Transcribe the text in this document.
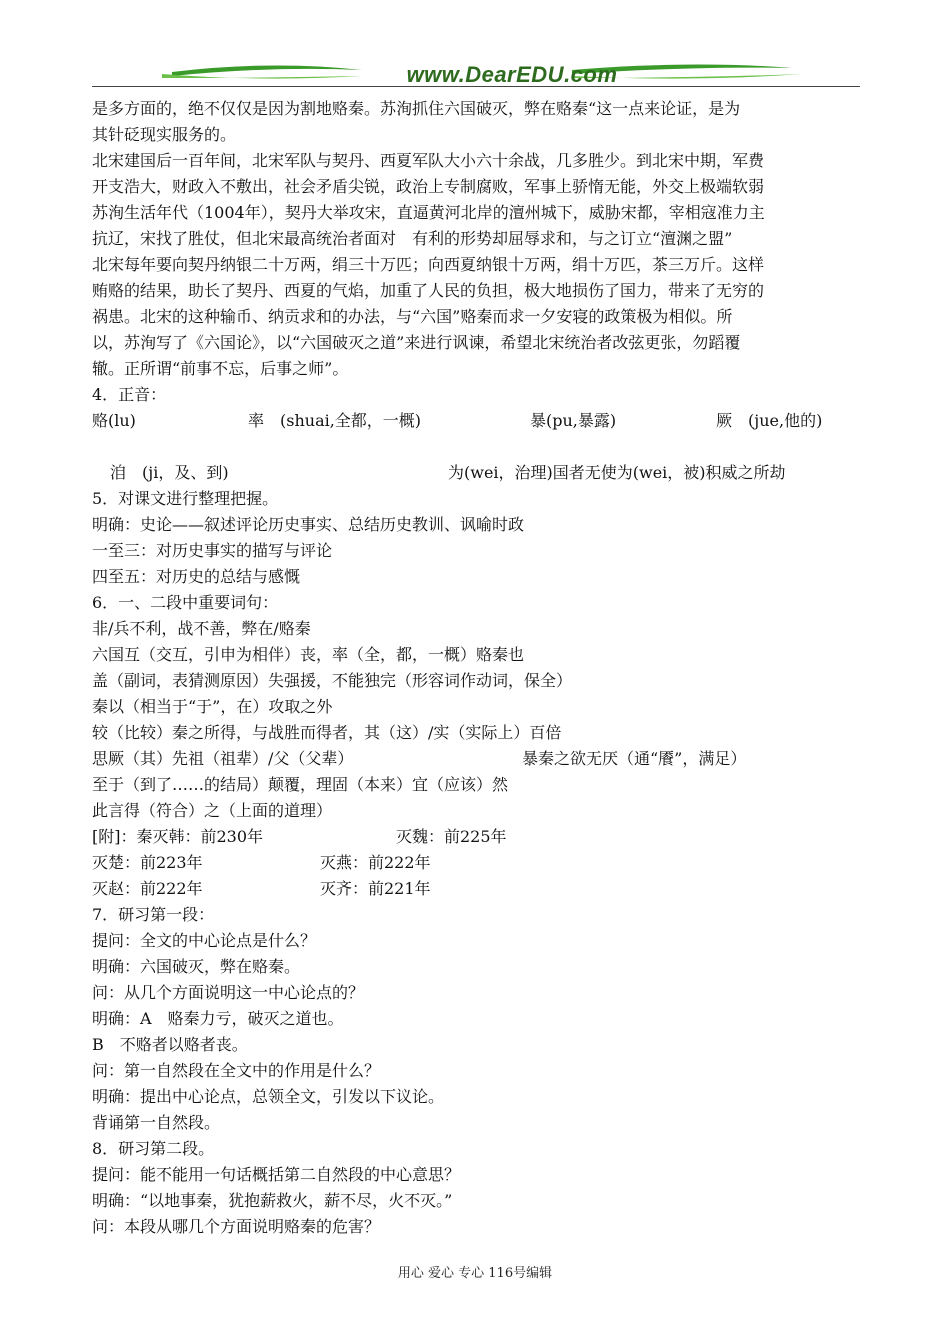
www.DearEDU.com
是多方面的，绝不仅仅是因为割地赂秦。苏洵抓住六国破灭，弊在赂秦“这一点来论证，是为
其针砭现实服务的。
北宋建国后一百年间，北宋军队与契丹、西夏军队大小六十余战，几多胜少。到北宋中期，军费
开支浩大，财政入不敷出，社会矛盾尖锐，政治上专制腐败，军事上骄惰无能，外交上极端软弱
苏洵生活年代（1004年），契丹大举攻宋，直逼黄河北岸的澶州城下，威胁宋都，宰相寇准力主
抗辽，宋找了胜仗，但北宋最高统治者面对　有利的形势却屈辱求和，与之订立“澶渊之盟”
北宋每年要向契丹纳银二十万两，绢三十万匹；向西夏纳银十万两，绢十万匹，茶三万斤。这样
贿赂的结果，助长了契丹、西夏的气焰，加重了人民的负担，极大地损伤了国力，带来了无穷的
祸患。北宋的这种输币、纳贡求和的办法，与“六国”赂秦而求一夕安寝的政策极为相似。所
以，苏洵写了《六国论》，以“六国破灭之道”来进行讽谏，希望北宋统治者改弦更张，勿蹈覆
辙。正所谓“前事不忘，后事之师”。
4．正音：
赂(lu)	率　(shuai,全都，一概)	暴(pu,暴露)	厥　(jue,他的)
洎　(ji，及、到)	为(wei，治理)国者无使为(wei，被)积威之所劫
5．对课文进行整理把握。
明确：史论——叙述评论历史事实、总结历史教训、讽喻时政
一至三：对历史事实的描写与评论
四至五：对历史的总结与感慨
6．一、二段中重要词句：
非/兵不利，战不善，弊在/赂秦
六国互（交互，引申为相伴）丧，率（全，都，一概）赂秦也
盖（副词，表猜测原因）失强援，不能独完（形容词作动词，保全）
秦以（相当于“于”，在）攻取之外
较（比较）秦之所得，与战胜而得者，其（这）/实（实际上）百倍
思厥（其）先祖（祖辈）/父（父辈）	暴秦之欲无厌（通“餍”，满足）
至于（到了……的结局）颠覆，理固（本来）宜（应该）然
此言得（符合）之（上面的道理）
[附]：秦灭韩：前230年	灭魏：前225年
灭楚：前223年	灭燕：前222年
灭赵：前222年	灭齐：前221年
7．研习第一段：
提问：全文的中心论点是什么？
明确：六国破灭，弊在赂秦。
问：从几个方面说明这一中心论点的？
明确：A　赂秦力亏，破灭之道也。
B　不赂者以赂者丧。
问：第一自然段在全文中的作用是什么？
明确：提出中心论点，总领全文，引发以下议论。
背诵第一自然段。
8．研习第二段。
提问：能不能用一句话概括第二自然段的中心意思？
明确：“以地事秦，犹抱薪救火，薪不尽，火不灭。”
问：本段从哪几个方面说明赂秦的危害？
用心 爱心 专心 116号编辑
